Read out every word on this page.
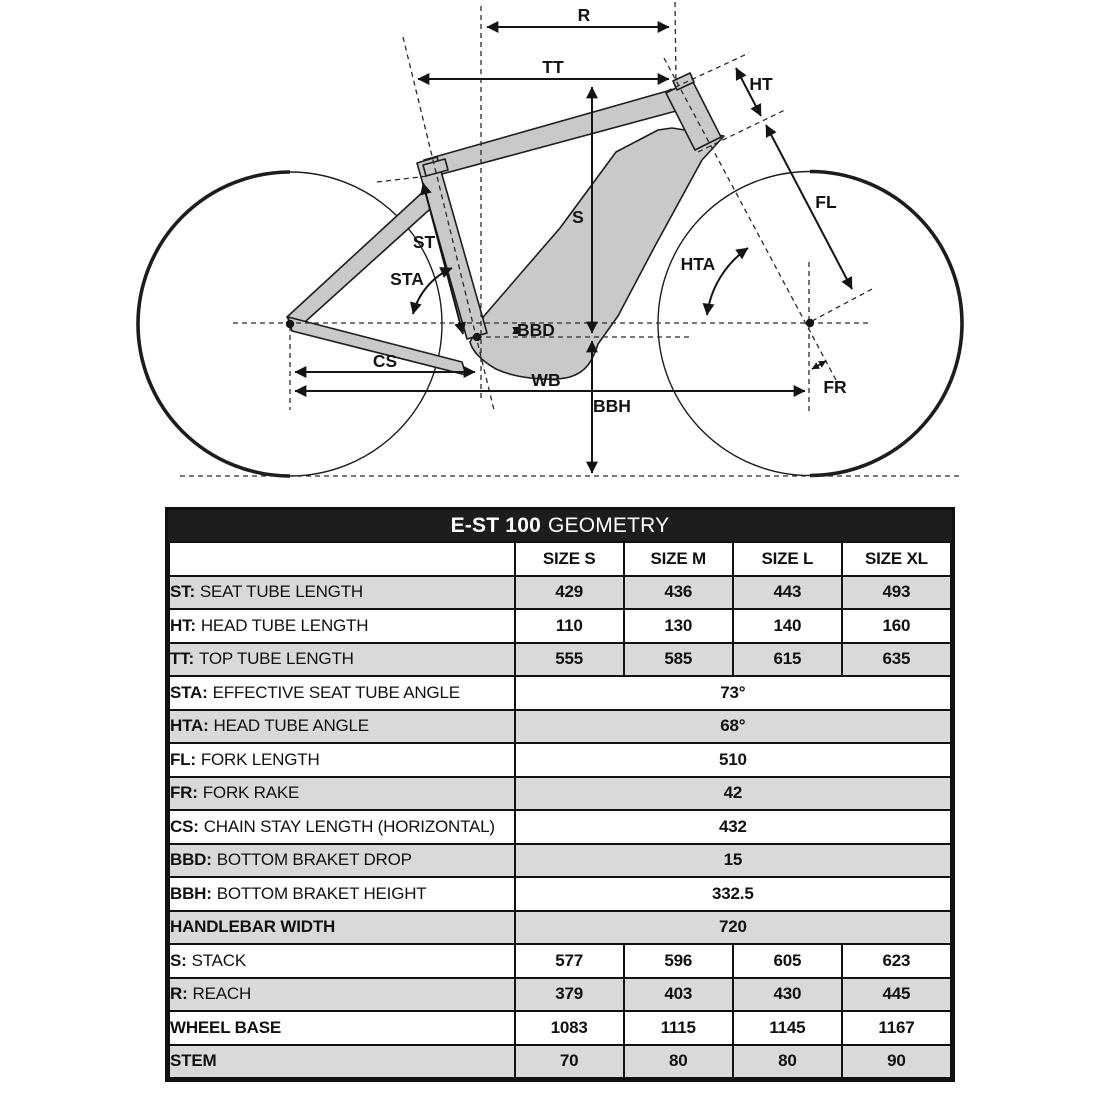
R
TT
HT
FL
S
ST
STA
HTA
BBD
CS
WB	FR
BBH
E-ST 100 GEOMETRY
	SIZE S	SIZE M	SIZE L	SIZE XL
ST: SEAT TUBE LENGTH	429	436	443	493
HT: HEAD TUBE LENGTH	110	130	140	160
TT: TOP TUBE LENGTH	555	585	615	635
STA: EFFECTIVE SEAT TUBE ANGLE	73°			
HTA: HEAD TUBE ANGLE	68°			
FL: FORK LENGTH	510			
FR: FORK RAKE	42			
CS: CHAIN STAY LENGTH (HORIZONTAL)	432			
BBD: BOTTOM BRAKET DROP	15			
BBH: BOTTOM BRAKET HEIGHT	332.5			
HANDLEBAR WIDTH	720			
S: STACK	577	596	605	623
R: REACH	379	403	430	445
WHEEL BASE	1083	1115	1145	1167
STEM	70	80	80	90
